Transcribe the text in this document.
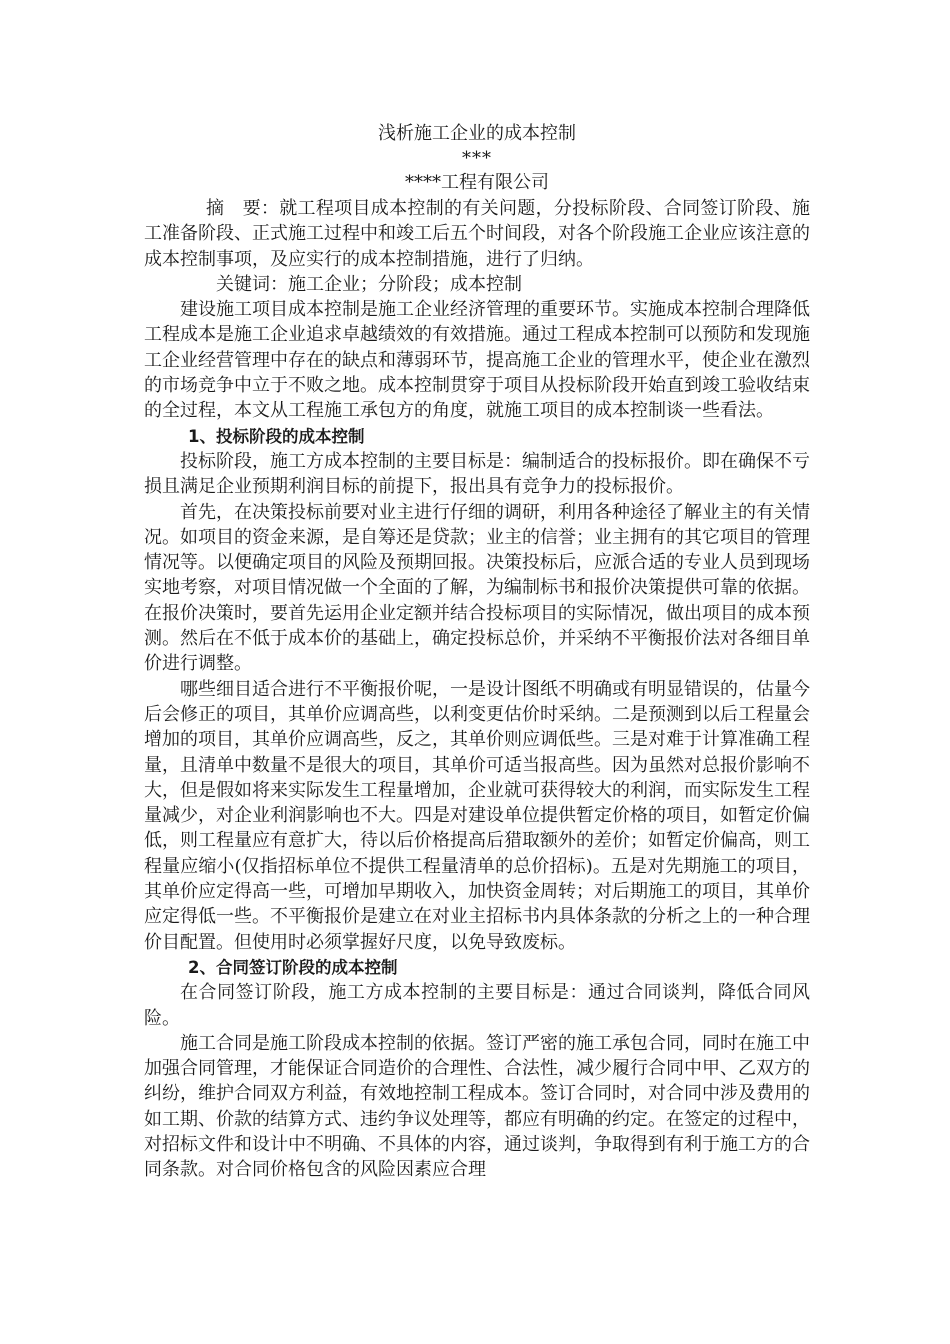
浅析施工企业的成本控制
***
****工程有限公司

摘　要：就工程项目成本控制的有关问题，分投标阶段、合同签订阶段、施工准备阶段、正式施工过程中和竣工后五个时间段，对各个阶段施工企业应该注意的成本控制事项，及应实行的成本控制措施，进行了归纳。

关键词：施工企业；分阶段；成本控制

建设施工项目成本控制是施工企业经济管理的重要环节。实施成本控制合理降低工程成本是施工企业追求卓越绩效的有效措施。通过工程成本控制可以预防和发现施工企业经营管理中存在的缺点和薄弱环节，提高施工企业的管理水平，使企业在激烈的市场竞争中立于不败之地。成本控制贯穿于项目从投标阶段开始直到竣工验收结束的全过程，本文从工程施工承包方的角度，就施工项目的成本控制谈一些看法。

1、投标阶段的成本控制

投标阶段，施工方成本控制的主要目标是：编制适合的投标报价。即在确保不亏损且满足企业预期利润目标的前提下，报出具有竞争力的投标报价。

首先，在决策投标前要对业主进行仔细的调研，利用各种途径了解业主的有关情况。如项目的资金来源，是自筹还是贷款；业主的信誉；业主拥有的其它项目的管理情况等。以便确定项目的风险及预期回报。决策投标后，应派合适的专业人员到现场实地考察，对项目情况做一个全面的了解，为编制标书和报价决策提供可靠的依据。在报价决策时，要首先运用企业定额并结合投标项目的实际情况，做出项目的成本预测。然后在不低于成本价的基础上，确定投标总价，并采纳不平衡报价法对各细目单价进行调整。

哪些细目适合进行不平衡报价呢，一是设计图纸不明确或有明显错误的，估量今后会修正的项目，其单价应调高些，以利变更估价时采纳。二是预测到以后工程量会增加的项目，其单价应调高些，反之，其单价则应调低些。三是对难于计算准确工程量，且清单中数量不是很大的项目，其单价可适当报高些。因为虽然对总报价影响不大，但是假如将来实际发生工程量增加，企业就可获得较大的利润，而实际发生工程量减少，对企业利润影响也不大。四是对建设单位提供暂定价格的项目，如暂定价偏低，则工程量应有意扩大，待以后价格提高后猎取额外的差价；如暂定价偏高，则工程量应缩小(仅指招标单位不提供工程量清单的总价招标)。五是对先期施工的项目，其单价应定得高一些，可增加早期收入，加快资金周转；对后期施工的项目，其单价应定得低一些。不平衡报价是建立在对业主招标书内具体条款的分析之上的一种合理价目配置。但使用时必须掌握好尺度，以免导致废标。

2、合同签订阶段的成本控制

在合同签订阶段，施工方成本控制的主要目标是：通过合同谈判，降低合同风险。

施工合同是施工阶段成本控制的依据。签订严密的施工承包合同，同时在施工中加强合同管理，才能保证合同造价的合理性、合法性，减少履行合同中甲、乙双方的纠纷，维护合同双方利益，有效地控制工程成本。签订合同时，对合同中涉及费用的如工期、价款的结算方式、违约争议处理等，都应有明确的约定。在签定的过程中，对招标文件和设计中不明确、不具体的内容，通过谈判，争取得到有利于施工方的合同条款。对合同价格包含的风险因素应合理
